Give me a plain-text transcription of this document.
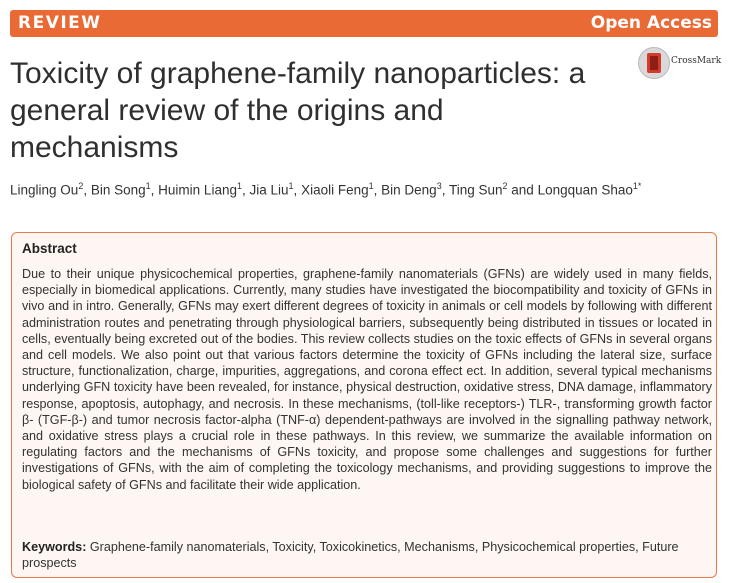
REVIEW	Open Access
Toxicity of graphene-family nanoparticles: a general review of the origins and mechanisms
CrossMark
Lingling Ou$^2$, Bin Song$^1$, Huimin Liang$^1$, Jia Liu$^1$, Xiaoli Feng$^1$, Bin Deng$^3$, Ting Sun$^2$ and Longquan Shao$^{1*}$
Abstract
Due to their unique physicochemical properties, graphene-family nanomaterials (GFNs) are widely used in many fields, especially in biomedical applications. Currently, many studies have investigated the biocompatibility and toxicity of GFNs in vivo and in intro. Generally, GFNs may exert different degrees of toxicity in animals or cell models by following with different administration routes and penetrating through physiological barriers, subsequently being distributed in tissues or located in cells, eventually being excreted out of the bodies. This review collects studies on the toxic effects of GFNs in several organs and cell models. We also point out that various factors determine the toxicity of GFNs including the lateral size, surface structure, functionalization, charge, impurities, aggregations, and corona effect ect. In addition, several typical mechanisms underlying GFN toxicity have been revealed, for instance, physical destruction, oxidative stress, DNA damage, inflammatory response, apoptosis, autophagy, and necrosis. In these mechanisms, (toll-like receptors-) TLR-, transforming growth factor β- (TGF-β-) and tumor necrosis factor-alpha (TNF-α) dependent-pathways are involved in the signalling pathway network, and oxidative stress plays a crucial role in these pathways. In this review, we summarize the available information on regulating factors and the mechanisms of GFNs toxicity, and propose some challenges and suggestions for further investigations of GFNs, with the aim of completing the toxicology mechanisms, and providing suggestions to improve the biological safety of GFNs and facilitate their wide application.
Keywords: Graphene-family nanomaterials, Toxicity, Toxicokinetics, Mechanisms, Physicochemical properties, Future prospects
